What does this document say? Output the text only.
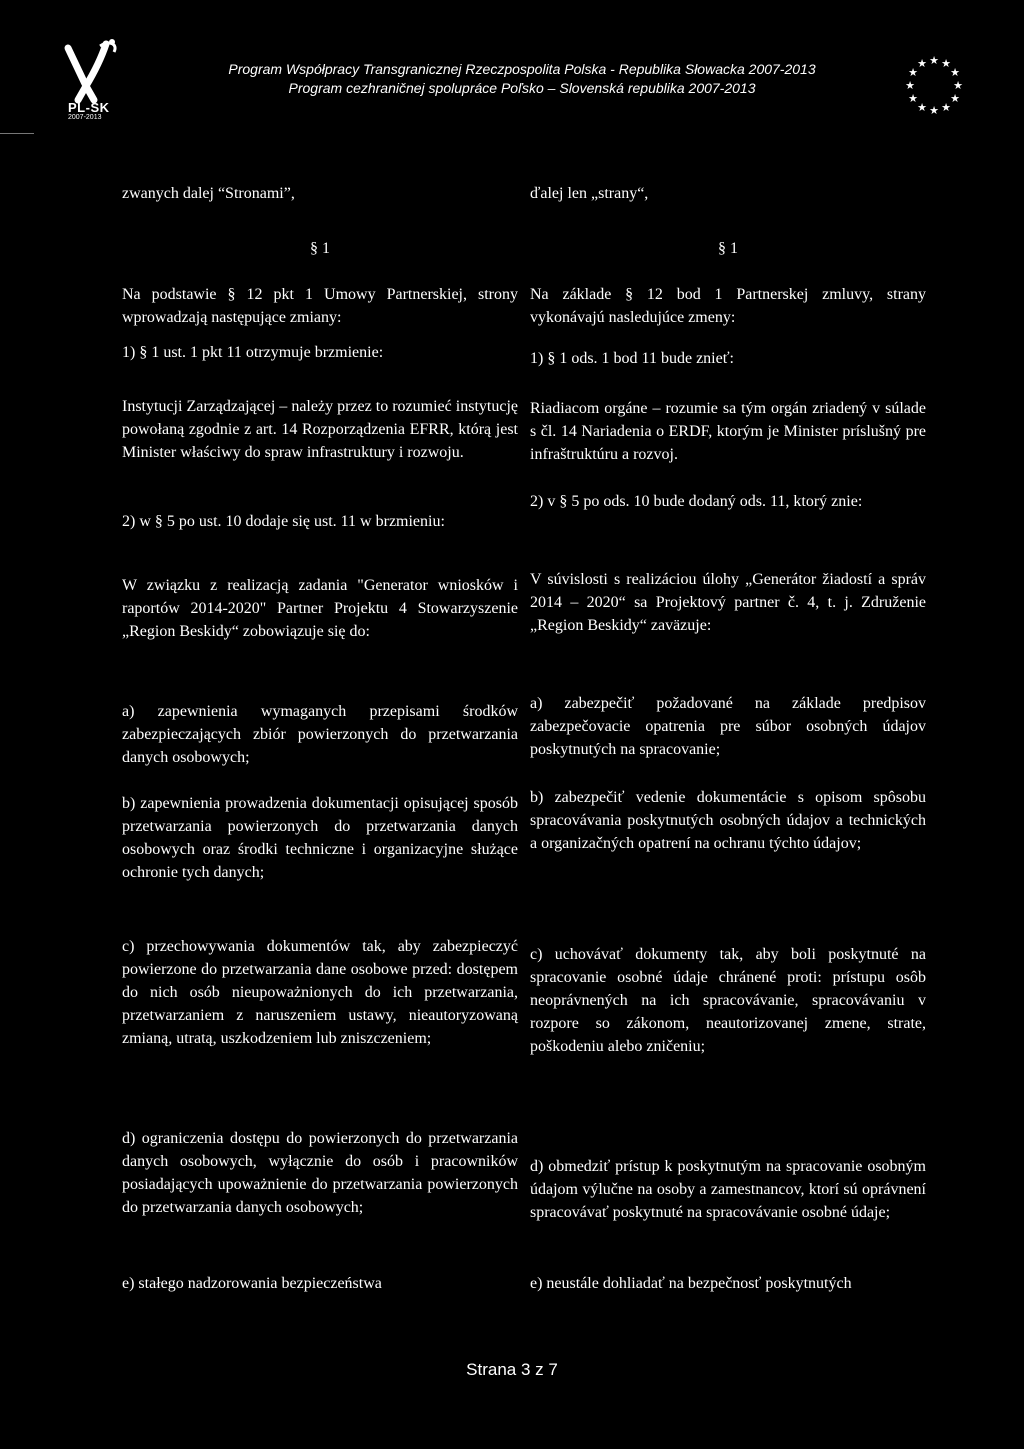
PL-SK
2007-2013
Program Współpracy Transgranicznej Rzeczpospolita Polska - Republika Słowacka 2007-2013
Program cezhraničnej spolupráce Poľsko – Slovenská republika 2007-2013
★ ★
★
★
★
★
★
★
★
★
★
★
zwanych dalej “Stronami”,
§ 1
Na podstawie § 12 pkt 1 Umowy Partnerskiej, strony wprowadzają następujące zmiany:
1) § 1 ust. 1 pkt 11 otrzymuje brzmienie:
Instytucji Zarządzającej – należy przez to rozumieć instytucję powołaną zgodnie z art. 14 Rozporządzenia EFRR, którą jest Minister właściwy do spraw infrastruktury i rozwoju.
2) w § 5 po ust. 10 dodaje się ust. 11 w brzmieniu:
W związku z realizacją zadania "Generator wniosków i raportów 2014-2020" Partner Projektu 4 Stowarzyszenie „Region Beskidy“ zobowiązuje się do:
a) zapewnienia wymaganych przepisami środków zabezpieczających zbiór powierzonych do przetwarzania danych osobowych;
b) zapewnienia prowadzenia dokumentacji opisującej sposób przetwarzania powierzonych do przetwarzania danych osobowych oraz środki techniczne i organizacyjne służące ochronie tych danych;
c) przechowywania dokumentów tak, aby zabezpieczyć powierzone do przetwarzania dane osobowe przed: dostępem do nich osób nieupoważnionych do ich przetwarzania, przetwarzaniem z naruszeniem ustawy, nieautoryzowaną zmianą, utratą, uszkodzeniem lub zniszczeniem;
d) ograniczenia dostępu do powierzonych do przetwarzania danych osobowych, wyłącznie do osób i pracowników posiadających upoważnienie do przetwarzania powierzonych do przetwarzania danych osobowych;
e) stałego nadzorowania bezpieczeństwa
ďalej len „strany“,
§ 1
Na základe § 12 bod 1 Partnerskej zmluvy, strany vykonávajú nasledujúce zmeny:
1) § 1 ods. 1 bod 11 bude znieť:
Riadiacom orgáne – rozumie sa tým orgán zriadený v súlade s čl. 14 Nariadenia o ERDF, ktorým je Minister príslušný pre infraštruktúru a rozvoj.
2) v § 5 po ods. 10 bude dodaný ods. 11, ktorý znie:
V súvislosti s realizáciou úlohy „Generátor žiadostí a správ 2014 – 2020“ sa Projektový partner č. 4, t. j. Združenie „Region Beskidy“ zaväzuje:
a) zabezpečiť požadované na základe predpisov zabezpečovacie opatrenia pre súbor osobných údajov poskytnutých na spracovanie;
b) zabezpečiť vedenie dokumentácie s opisom spôsobu spracovávania poskytnutých osobných údajov a technických a organizačných opatrení na ochranu týchto údajov;
c) uchovávať dokumenty tak, aby boli poskytnuté na spracovanie osobné údaje chránené proti: prístupu osôb neoprávnených na ich spracovávanie, spracovávaniu v rozpore so zákonom, neautorizovanej zmene, strate, poškodeniu alebo zničeniu;
d) obmedziť prístup k poskytnutým na spracovanie osobným údajom výlučne na osoby a zamestnancov, ktorí sú oprávnení spracovávať poskytnuté na spracovávanie osobné údaje;
e) neustále dohliadať na bezpečnosť poskytnutých
Strana 3 z 7
